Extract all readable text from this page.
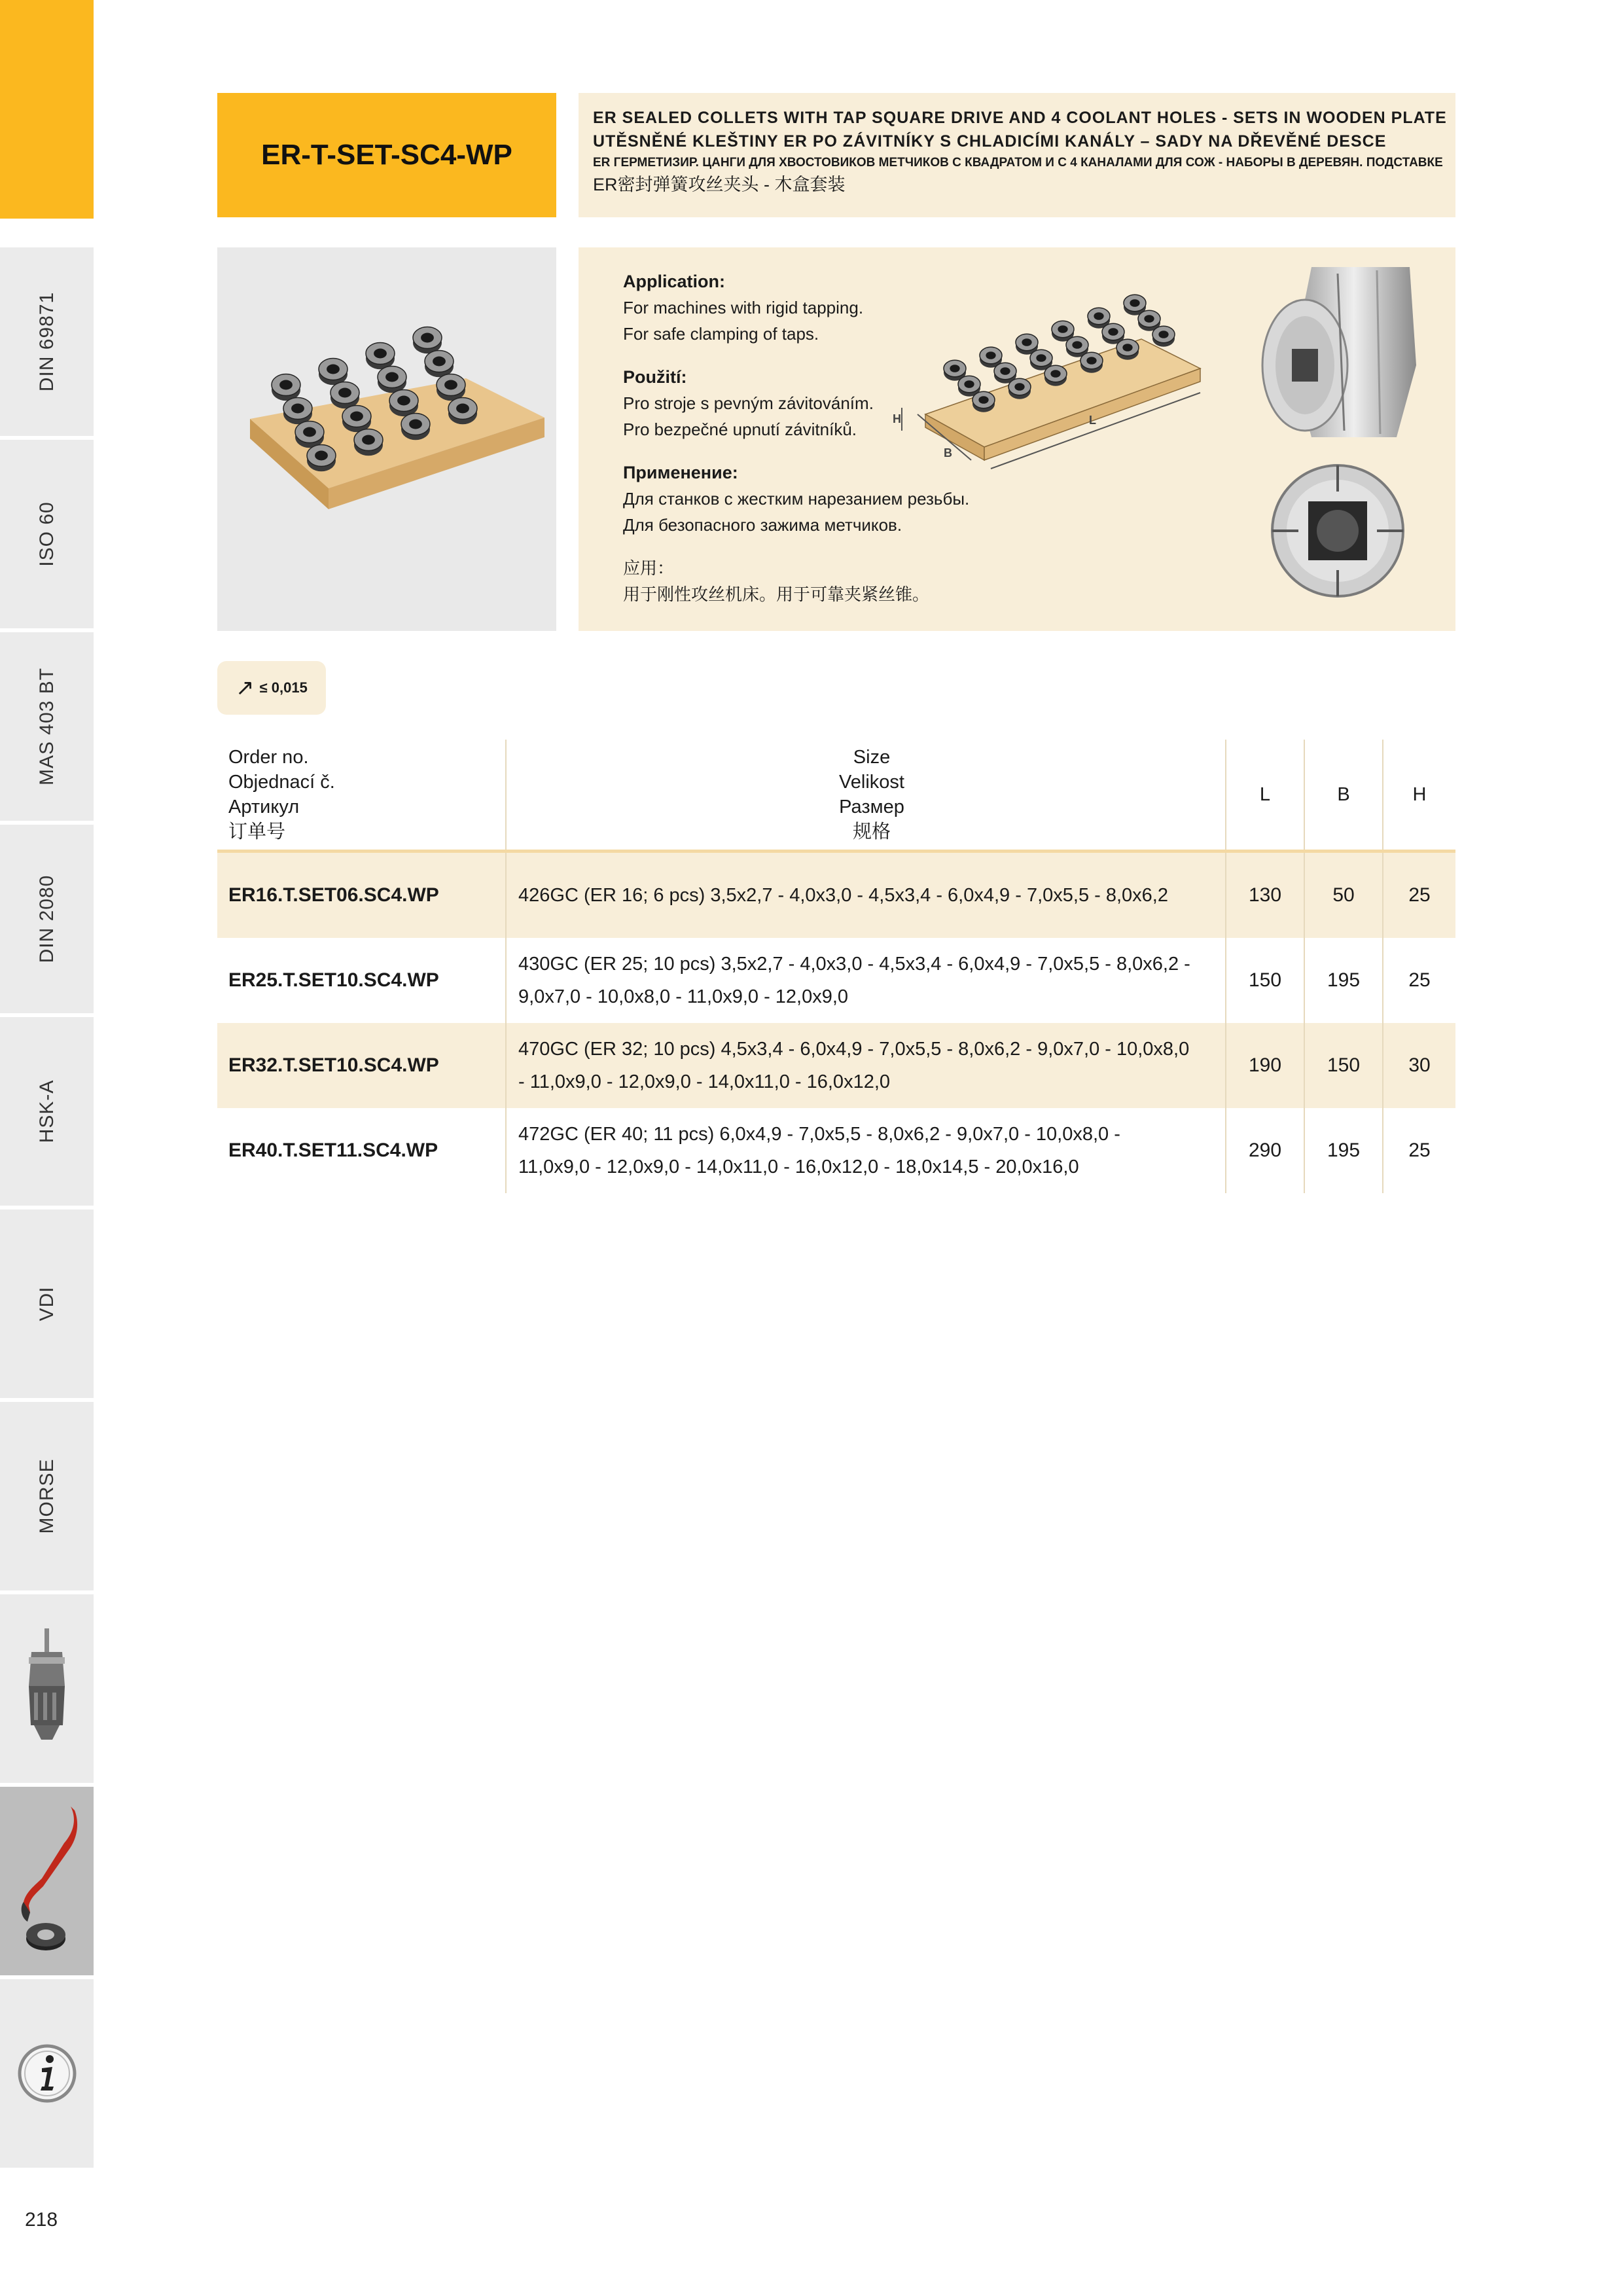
DIN 69871
ISO 60
MAS 403 BT
DIN 2080
HSK-A
VDI
MORSE
218
ER-T-SET-SC4-WP
ER SEALED COLLETS WITH TAP SQUARE DRIVE AND 4 COOLANT HOLES - SETS IN WOODEN PLATE
UTĚSNĚNÉ KLEŠTINY ER PO ZÁVITNÍKY S CHLADICÍMI KANÁLY – SADY NA DŘEVĚNÉ DESCE
ER ГЕРМЕТИЗИР. ЦАНГИ ДЛЯ ХВОСТОВИКОВ МЕТЧИКОВ С КВАДРАТОМ И С 4 КАНАЛАМИ ДЛЯ СОЖ - НАБОРЫ В ДЕРЕВЯН. ПОДСТАВКЕ
ER密封弹簧攻丝夹头 - 木盒套装
Application:
For machines with rigid tapping.
For safe clamping of taps.
Použití:
Pro stroje s pevným závitováním.
Pro bezpečné upnutí závitníků.
Применение:
Для станков с жестким нарезанием резьбы.
Для безопасного зажима метчиков.
应用：
用于刚性攻丝机床。用于可靠夹紧丝锥。
H
B
L
↗ ≤ 0,015
Order no.
Objednací č.
Артикул
订单号
Size
Velikost
Размер
规格
L	B	H
ER16.T.SET06.SC4.WP	426GC (ER 16; 6 pcs) 3,5x2,7 - 4,0x3,0 - 4,5x3,4 - 6,0x4,9 - 7,0x5,5 - 8,0x6,2	130	50	25
ER25.T.SET10.SC4.WP
430GC (ER 25; 10 pcs) 3,5x2,7 - 4,0x3,0 - 4,5x3,4 - 6,0x4,9 - 7,0x5,5 - 8,0x6,2 -
9,0x7,0 - 10,0x8,0 - 11,0x9,0 - 12,0x9,0
150	195	25
ER32.T.SET10.SC4.WP
470GC (ER 32; 10 pcs) 4,5x3,4 - 6,0x4,9 - 7,0x5,5 - 8,0x6,2 - 9,0x7,0 - 10,0x8,0
- 11,0x9,0 - 12,0x9,0 - 14,0x11,0 - 16,0x12,0
190	150	30
ER40.T.SET11.SC4.WP
472GC (ER 40; 11 pcs) 6,0x4,9 - 7,0x5,5 - 8,0x6,2 - 9,0x7,0 - 10,0x8,0 -
11,0x9,0 - 12,0x9,0 - 14,0x11,0 - 16,0x12,0 - 18,0x14,5 - 20,0x16,0
290	195	25
